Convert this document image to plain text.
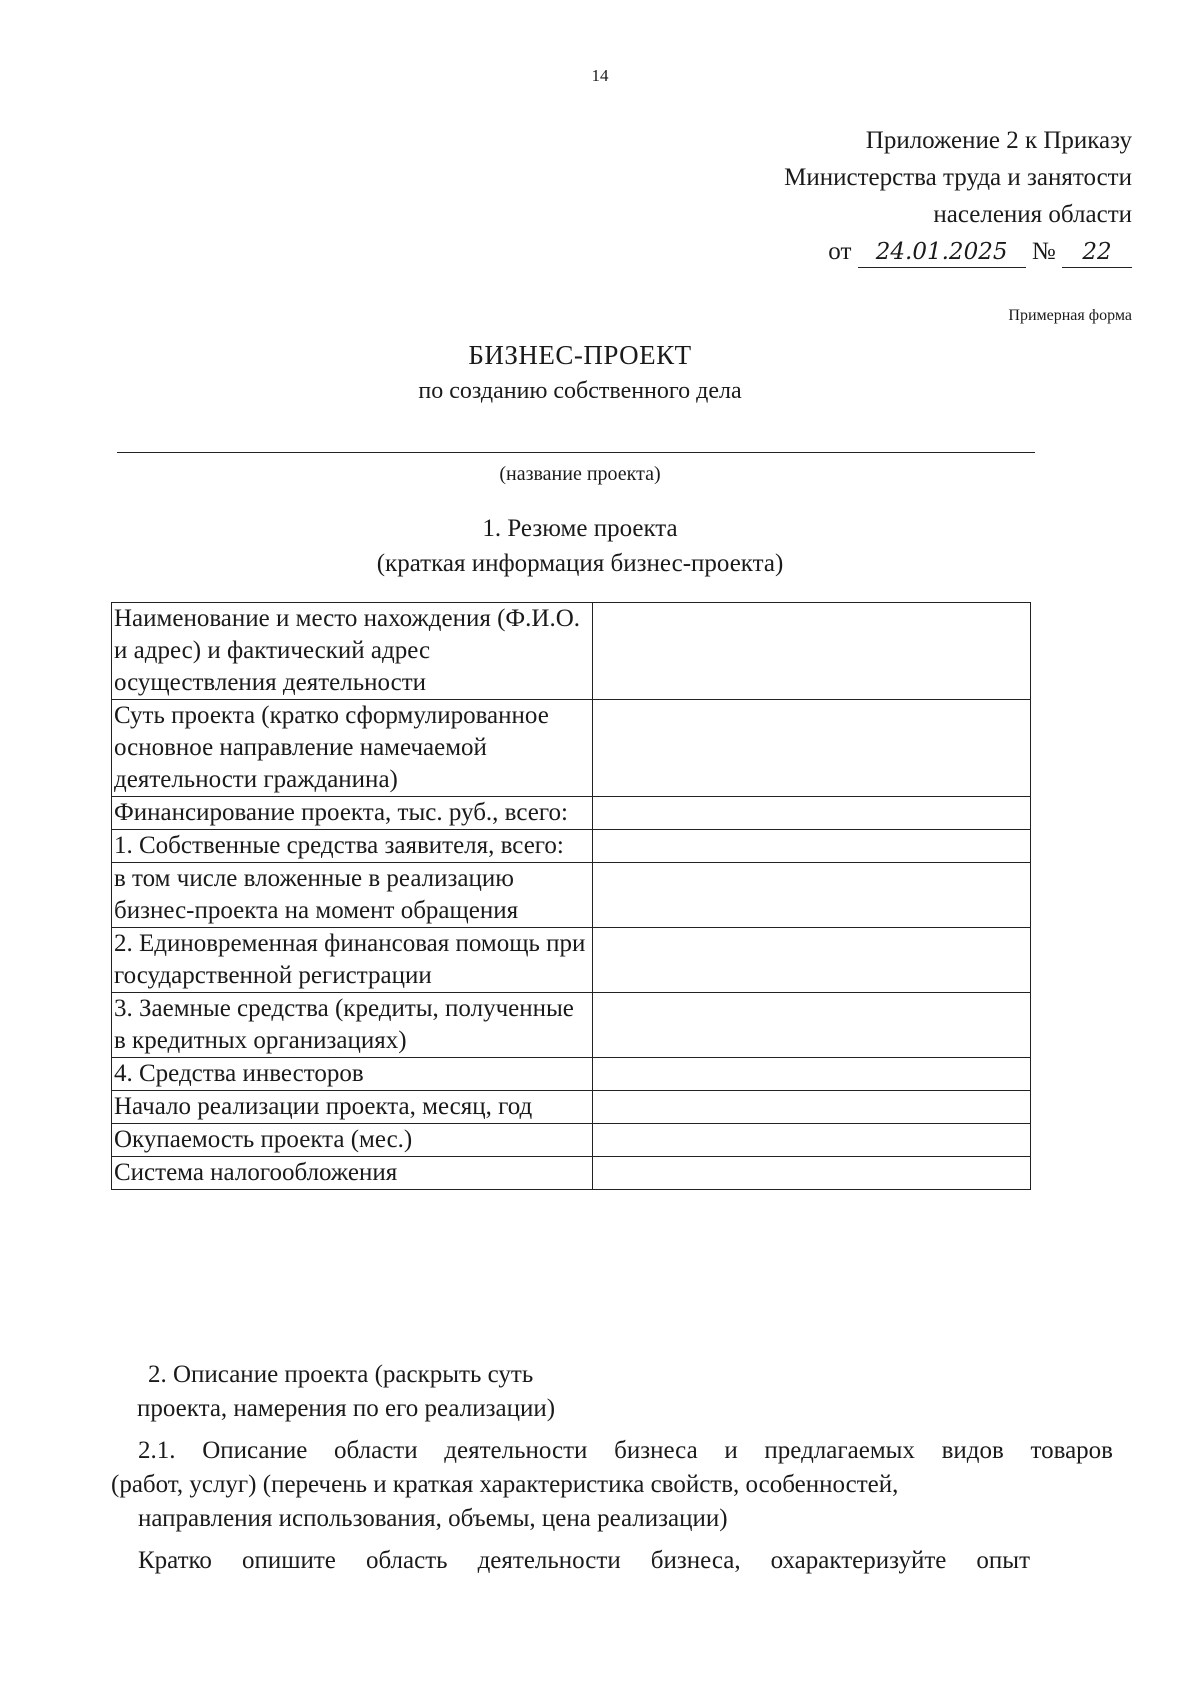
14
Приложение 2 к Приказу
Министерства труда и занятости
населения области
от 24.01.2025 № 22
Примерная форма
БИЗНЕС-ПРОЕКТ
по созданию собственного дела
(название проекта)
1. Резюме проекта
(краткая информация бизнес-проекта)
Наименование и место нахождения (Ф.И.О. и адрес) и фактический адрес осуществления деятельности	
Суть проекта (кратко сформулированное основное направление намечаемой деятельности гражданина)	
Финансирование проекта, тыс. руб., всего:	
1. Собственные средства заявителя, всего:	
в том числе вложенные в реализацию бизнес-проекта на момент обращения	
2. Единовременная финансовая помощь при государственной регистрации	
3. Заемные средства (кредиты, полученные в кредитных организациях)	
4. Средства инвесторов	
Начало реализации проекта, месяц, год	
Окупаемость проекта (мес.)	
Система налогообложения	
2. Описание проекта (раскрыть суть
проекта, намерения по его реализации)
2.1. Описание области деятельности бизнеса и предлагаемых видов товаров
(работ, услуг) (перечень и краткая характеристика свойств, особенностей,
направления использования, объемы, цена реализации)
Кратко опишите область деятельности бизнеса, охарактеризуйте опыт
